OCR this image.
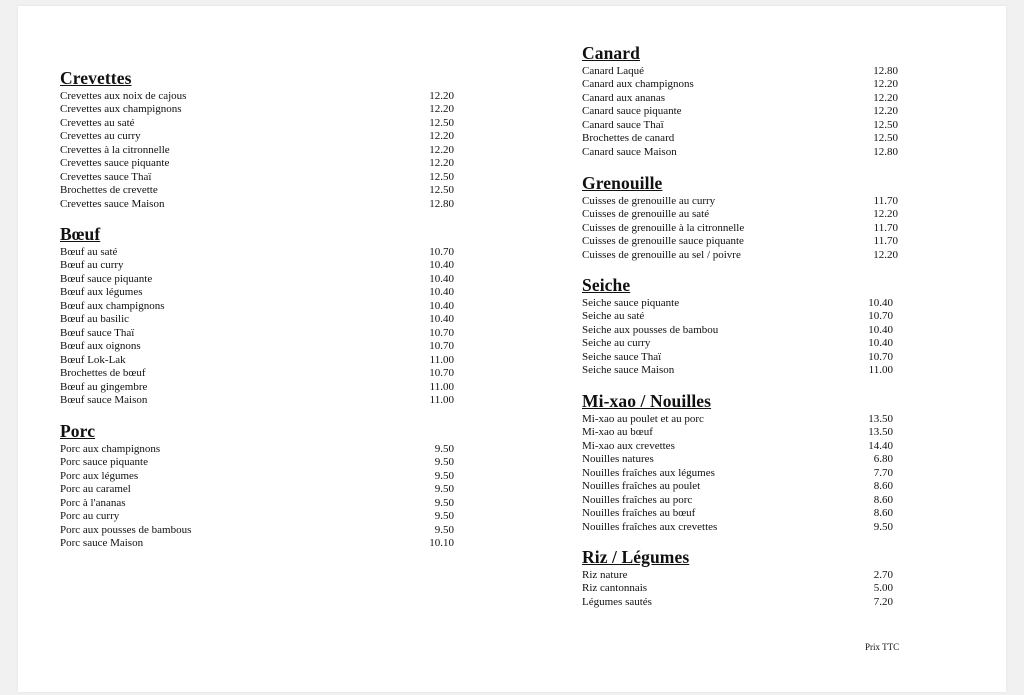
Crevettes
Crevettes aux noix de cajous	12.20
Crevettes aux champignons	12.20
Crevettes au saté	12.50
Crevettes au curry	12.20
Crevettes à la citronnelle	12.20
Crevettes sauce piquante	12.20
Crevettes sauce Thaï	12.50
Brochettes de crevette	12.50
Crevettes sauce Maison	12.80
Bœuf
Bœuf au saté	10.70
Bœuf au curry	10.40
Bœuf sauce piquante	10.40
Bœuf aux légumes	10.40
Bœuf aux champignons	10.40
Bœuf au basilic	10.40
Bœuf sauce Thaï	10.70
Bœuf aux oignons	10.70
Bœuf Lok-Lak	11.00
Brochettes de bœuf	10.70
Bœuf au gingembre	11.00
Bœuf sauce Maison	11.00
Porc
Porc aux champignons	9.50
Porc sauce piquante	9.50
Porc aux légumes	9.50
Porc au caramel	9.50
Porc à l'ananas	9.50
Porc au curry	9.50
Porc aux pousses de bambous	9.50
Porc sauce Maison	10.10
Canard
Canard Laqué	12.80
Canard aux champignons	12.20
Canard aux ananas	12.20
Canard sauce piquante	12.20
Canard sauce Thaï	12.50
Brochettes de canard	12.50
Canard sauce Maison	12.80
Grenouille
Cuisses de grenouille au curry	11.70
Cuisses de grenouille au saté	12.20
Cuisses de grenouille à la citronnelle	11.70
Cuisses de grenouille sauce piquante	11.70
Cuisses de grenouille au sel / poivre	12.20
Seiche
Seiche sauce piquante	10.40
Seiche au saté	10.70
Seiche aux pousses de bambou	10.40
Seiche au curry	10.40
Seiche sauce Thaï	10.70
Seiche sauce Maison	11.00
Mi-xao / Nouilles
Mi-xao au poulet et au porc	13.50
Mi-xao au bœuf	13.50
Mi-xao aux crevettes	14.40
Nouilles natures	6.80
Nouilles fraîches aux légumes	7.70
Nouilles fraîches au poulet	8.60
Nouilles fraîches au porc	8.60
Nouilles fraîches au bœuf	8.60
Nouilles fraîches aux crevettes	9.50
Riz / Légumes
Riz nature	2.70
Riz cantonnais	5.00
Légumes sautés	7.20
Prix TTC
